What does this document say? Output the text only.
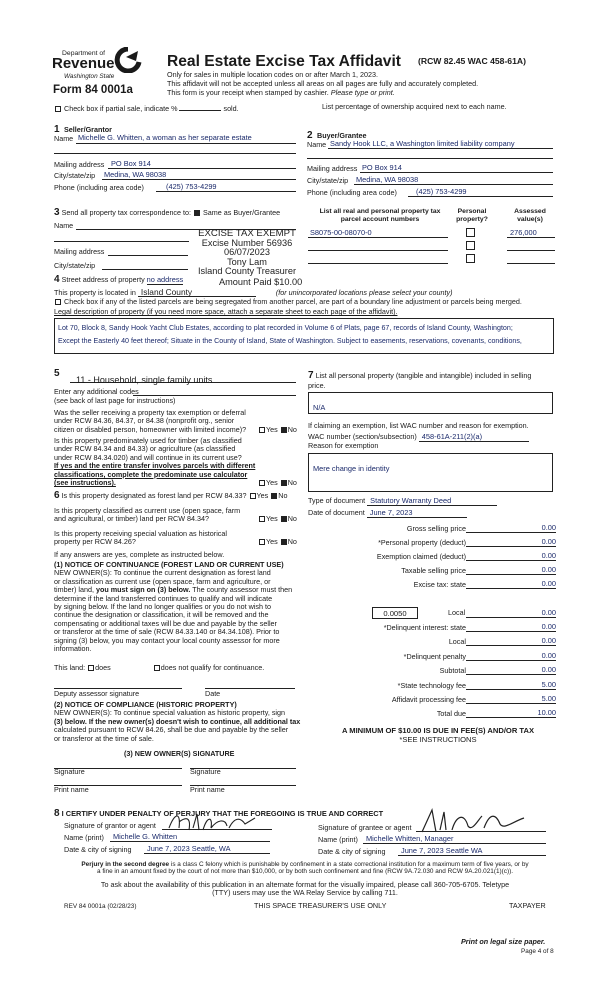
Department of
Revenue
Washington State
Form 84 0001a
Real Estate Excise Tax Affidavit (RCW 82.45 WAC 458-61A)
Only for sales in multiple location codes on or after March 1, 2023.
This affidavit will not be accepted unless all areas on all pages are fully and accurately completed.
This form is your receipt when stamped by cashier. Please type or print.
Check box if partial sale, indicate %	sold.	List percentage of ownership acquired next to each name.
1 Seller/Grantor
Name Michelle G. Whitten, a woman as her separate estate
Mailing address PO Box 914
City/state/zip Medina, WA 98038
Phone (including area code)	(425) 753-4299
2 Buyer/Grantee
Name Sandy Hook LLC, a Washington limited liability company
Mailing address PO Box 914
City/state/zip Medina, WA 98038
Phone (including area code)	(425) 753-4299
3 Send all property tax correspondence to: Same as Buyer/Grantee
Name
Mailing address
City/state/zip
EXCISE TAX EXEMPT
Excise Number 56936
06/07/2023
Tony Lam
Island County Treasurer
Amount Paid $10.00
List all real and personal property tax
parcel account numbers
Personal
property?
Assessed
value(s)
S8075-00-08070-0	276,000
4 Street address of property no address
This property is located in Island County	(for unincorporated locations please select your county)
Check box if any of the listed parcels are being segregated from another parcel, are part of a boundary line adjustment or parcels being merged.
Legal description of property (if you need more space, attach a separate sheet to each page of the affidavit).
Lot 70, Block 8, Sandy Hook Yacht Club Estates, according to plat recorded in Volume 6 of Plats, page 67, records of Island County, Washington;
Except the Easterly 40 feet thereof; Situate in the County of Island, State of Washington. Subject to easements, reservations, covenants, conditions,
5
11 - Household, single family units
Enter any additional codes
(see back of last page for instructions)
Was the seller receiving a property tax exemption or deferral
under RCW 84.36, 84.37, or 84.38 (nonprofit org., senior
citizen or disabled person, homeowner with limited income)?	Yes No
Is this property predominately used for timber (as classified
under RCW 84.34 and 84.33) or agriculture (as classified
under RCW 84.34.020) and will continue in its current use?
If yes and the entire transfer involves parcels with different
classifications, complete the predominate use calculator
(see instructions).	Yes No
6 Is this property designated as forest land per RCW 84.33? Yes No
Is this property classified as current use (open space, farm
and agricultural, or timber) land per RCW 84.34?	Yes No
Is this property receiving special valuation as historical
property per RCW 84.26?	Yes No
If any answers are yes, complete as instructed below.
(1) NOTICE OF CONTINUANCE (FOREST LAND OR CURRENT USE)
NEW OWNER(S): To continue the current designation as forest land
or classification as current use (open space, farm and agriculture, or
timber) land, you must sign on (3) below. The county assessor must then
determine if the land transferred continues to qualify and will indicate
by signing below. If the land no longer qualifies or you do not wish to
continue the designation or classification, it will be removed and the
compensating or additional taxes will be due and payable by the seller
or transferor at the time of sale (RCW 84.33.140 or 84.34.108). Prior to
signing (3) below, you may contact your local county assessor for more
information.
This land: does	does not qualify for continuance.
Deputy assessor signature	Date
(2) NOTICE OF COMPLIANCE (HISTORIC PROPERTY)
NEW OWNER(S): To continue special valuation as historic property, sign
(3) below. If the new owner(s) doesn't wish to continue, all additional tax
calculated pursuant to RCW 84.26, shall be due and payable by the seller
or transferor at the time of sale.
(3) NEW OWNER(S) SIGNATURE
Signature	Signature
Print name	Print name
7 List all personal property (tangible and intangible) included in selling
price.
N/A
If claiming an exemption, list WAC number and reason for exemption.
WAC number (section/subsection) 458-61A-211(2)(a)
Reason for exemption
Mere change in identity
Type of document Statutory Warranty Deed
Date of document June 7, 2023
Gross selling price	0.00
*Personal property (deduct)	0.00
Exemption claimed (deduct)	0.00
Taxable selling price	0.00
Excise tax: state	0.00
0.0050	Local	0.00
*Delinquent interest: state	0.00
Local	0.00
*Delinquent penalty	0.00
Subtotal	0.00
*State technology fee	5.00
Affidavit processing fee	5.00
Total due	10.00
A MINIMUM OF $10.00 IS DUE IN FEE(S) AND/OR TAX
*SEE INSTRUCTIONS
8 I CERTIFY UNDER PENALTY OF PERJURY THAT THE FOREGOING IS TRUE AND CORRECT
Signature of grantor or agent
Name (print) Michelle G. Whitten
Date & city of signing June 7, 2023 Seattle, WA
Signature of grantee or agent
Name (print) Michelle Whitten, Manager
Date & city of signing June 7, 2023 Seattle WA
Perjury in the second degree is a class C felony which is punishable by confinement in a state correctional institution for a maximum term of five years, or by
a fine in an amount fixed by the court of not more than $10,000, or by both such confinement and fine (RCW 9A.72.030 and RCW 9A.20.021(1)(c)).
To ask about the availability of this publication in an alternate format for the visually impaired, please call 360-705-6705. Teletype
(TTY) users may use the WA Relay Service by calling 711.
REV 84 0001a (02/28/23)	THIS SPACE TREASURER'S USE ONLY	TAXPAYER
Print on legal size paper.
Page 4 of 8
